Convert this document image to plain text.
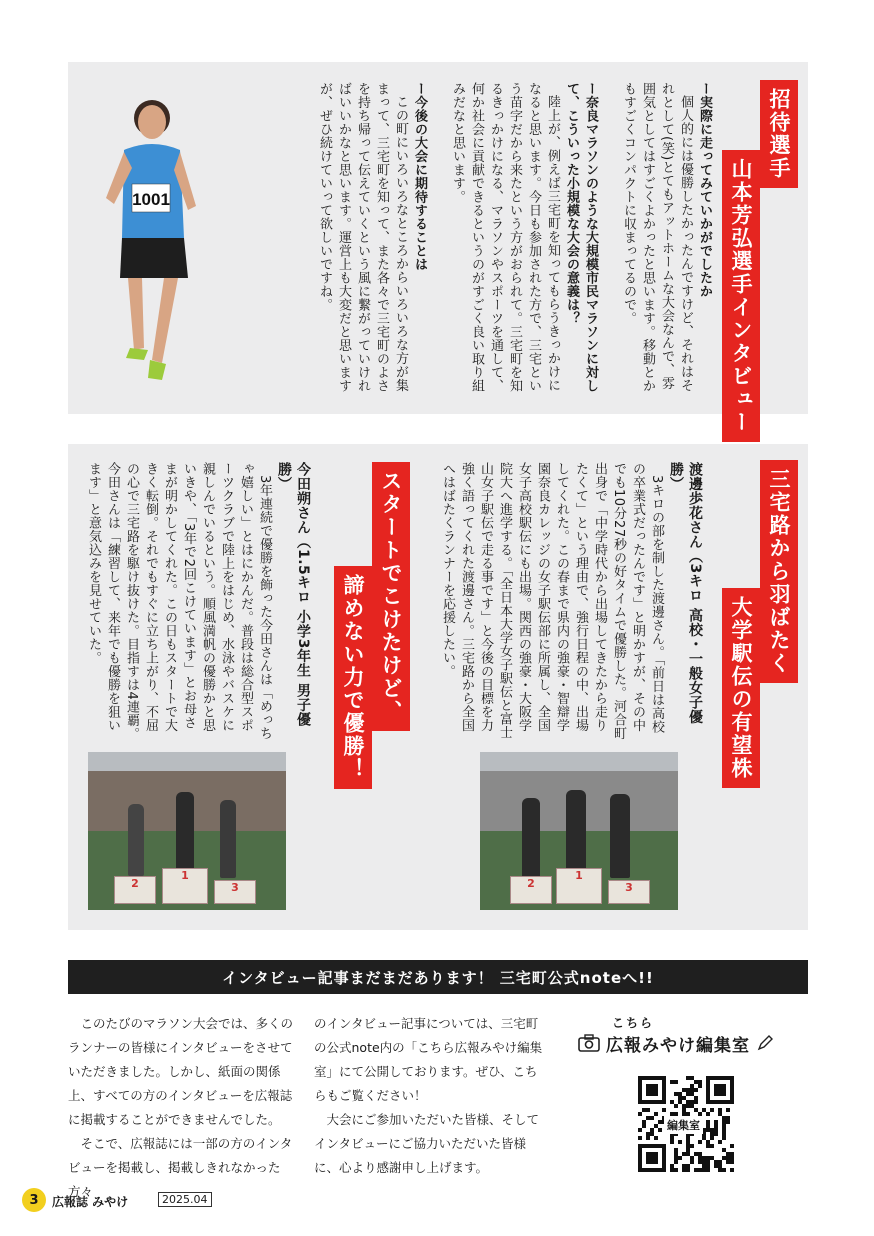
招待選手
山本芳弘選手インタビュー

ー実際に走ってみていかがでしたか

個人的には優勝したかったんですけど、それはそれとして(笑)とてもアットホームな大会なんで、雰囲気としてはすごくよかったと思います。移動とかもすごくコンパクトに収まってるので。

ー奈良マラソンのような大規模市民マラソンに対して、こういった小規模な大会の意義は？

陸上が、例えば三宅町を知ってもらうきっかけになると思います。今日も参加された方で、三宅という苗字だから来たという方がおられて。三宅町を知るきっかけになる、マラソンやスポーツを通して、何か社会に貢献できるというのがすごく良い取り組みだなと思います。

ー今後の大会に期待することは

この町にいろいろなところからいろいろな方が集まって、三宅町を知って、また各々で三宅町のよさを持ち帰って伝えていくという風に繋がっていければいいかなと思います。運営上も大変だと思いますが、ぜひ続けていって欲しいですね。

1001
三宅路から羽ばたく
大学駅伝の有望株

渡邊歩花さん（3キロ 高校・一般女子優勝）

3キロの部を制した渡邊さん。「前日は高校の卒業式だったんです」と明かすが、その中でも10分27秒の好タイムで優勝した。河合町出身で「中学時代から出場してきたから走りたくて」という理由で、強行日程の中、出場してくれた。この春まで県内の強豪・智辯学園奈良カレッジの女子駅伝部に所属し、全国女子高校駅伝にも出場。関西の強豪・大阪学院大へ進学する。「全日本大学女子駅伝と富士山女子駅伝で走る事です」と今後の目標を力強く語ってくれた渡邊さん。三宅路から全国へはばたくランナーを応援したい。

スタートでこけたけど、
諦めない力で優勝！

今田朔さん（1.5キロ 小学3年生 男子優勝）

3年連続で優勝を飾った今田さんは「めっちゃ嬉しい」とはにかんだ。普段は総合型スポーツクラブで陸上をはじめ、水泳やバスケに親しんでいるという。順風満帆の優勝かと思いきや、「3年で2回こけています」とお母さまが明かしてくれた。この日もスタートで大きく転倒。それでもすぐに立ち上がり、不屈の心で三宅路を駆け抜けた。目指すは4連覇。今田さんは「練習して、来年でも優勝を狙います」と意気込みを見せていた。

2
1
3	2
1
3
インタビュー記事まだまだあります！ 三宅町公式noteへ!!

このたびのマラソン大会では、多くのランナーの皆様にインタビューをさせていただきました。しかし、紙面の関係上、すべての方のインタビューを広報誌に掲載することができませんでした。

そこで、広報誌には一部の方のインタビューを掲載し、掲載しきれなかった方々

のインタビュー記事については、三宅町の公式note内の「こちら広報みやけ編集室」にて公開しております。ぜひ、こちらもご覧ください！

大会にご参加いただいた皆様、そしてインタビューにご協力いただいた皆様に、心より感謝申し上げます。

こちら
広報みやけ編集室
編集室
3 広報誌 みやけ	2025.04
